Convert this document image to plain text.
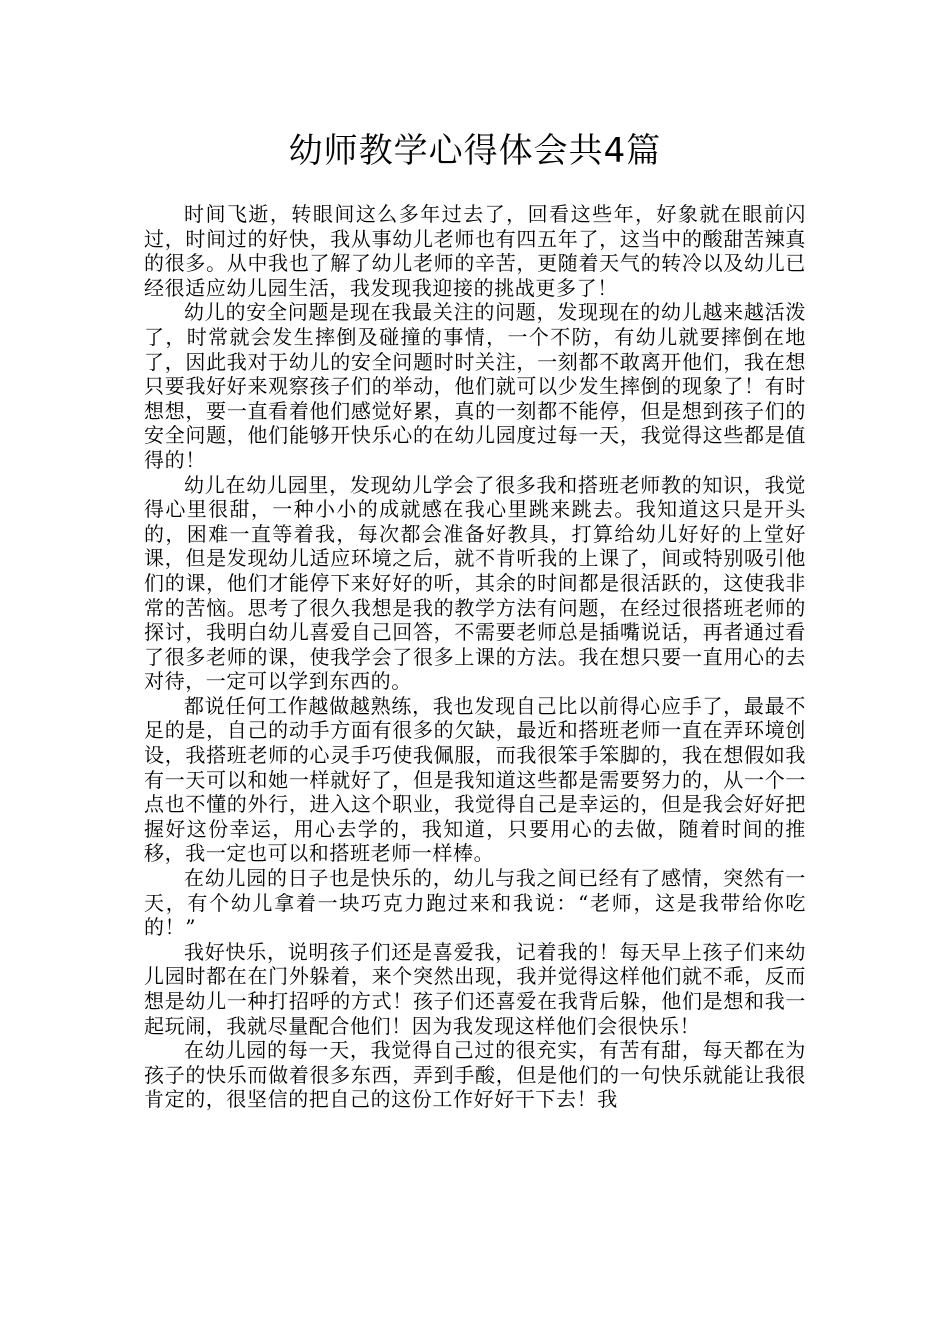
幼师教学心得体会共4篇

时间飞逝，转眼间这么多年过去了，回看这些年，好象就在眼前闪过，时间过的好快，我从事幼儿老师也有四五年了，这当中的酸甜苦辣真的很多。从中我也了解了幼儿老师的辛苦，更随着天气的转冷以及幼儿已经很适应幼儿园生活，我发现我迎接的挑战更多了！

幼儿的安全问题是现在我最关注的问题，发现现在的幼儿越来越活泼了，时常就会发生摔倒及碰撞的事情，一个不防，有幼儿就要摔倒在地了，因此我对于幼儿的安全问题时时关注，一刻都不敢离开他们，我在想只要我好好来观察孩子们的举动，他们就可以少发生摔倒的现象了！有时想想，要一直看着他们感觉好累，真的一刻都不能停，但是想到孩子们的安全问题，他们能够开快乐心的在幼儿园度过每一天，我觉得这些都是值得的！

幼儿在幼儿园里，发现幼儿学会了很多我和搭班老师教的知识，我觉得心里很甜，一种小小的成就感在我心里跳来跳去。我知道这只是开头的，困难一直等着我，每次都会准备好教具，打算给幼儿好好的上堂好课，但是发现幼儿适应环境之后，就不肯听我的上课了，间或特别吸引他们的课，他们才能停下来好好的听，其余的时间都是很活跃的，这使我非常的苦恼。思考了很久我想是我的教学方法有问题，在经过很搭班老师的探讨，我明白幼儿喜爱自己回答，不需要老师总是插嘴说话，再者通过看了很多老师的课，使我学会了很多上课的方法。我在想只要一直用心的去对待，一定可以学到东西的。

都说任何工作越做越熟练，我也发现自己比以前得心应手了，最最不足的是，自己的动手方面有很多的欠缺，最近和搭班老师一直在弄环境创设，我搭班老师的心灵手巧使我佩服，而我很笨手笨脚的，我在想假如我有一天可以和她一样就好了，但是我知道这些都是需要努力的，从一个一点也不懂的外行，进入这个职业，我觉得自己是幸运的，但是我会好好把握好这份幸运，用心去学的，我知道，只要用心的去做，随着时间的推移，我一定也可以和搭班老师一样棒。

在幼儿园的日子也是快乐的，幼儿与我之间已经有了感情，突然有一天，有个幼儿拿着一块巧克力跑过来和我说：“老师，这是我带给你吃的！”

我好快乐，说明孩子们还是喜爱我，记着我的！每天早上孩子们来幼儿园时都在在门外躲着，来个突然出现，我并觉得这样他们就不乖，反而想是幼儿一种打招呼的方式！孩子们还喜爱在我背后躲，他们是想和我一起玩闹，我就尽量配合他们！因为我发现这样他们会很快乐！

在幼儿园的每一天，我觉得自己过的很充实，有苦有甜，每天都在为孩子的快乐而做着很多东西，弄到手酸，但是他们的一句快乐就能让我很肯定的，很坚信的把自己的这份工作好好干下去！我
